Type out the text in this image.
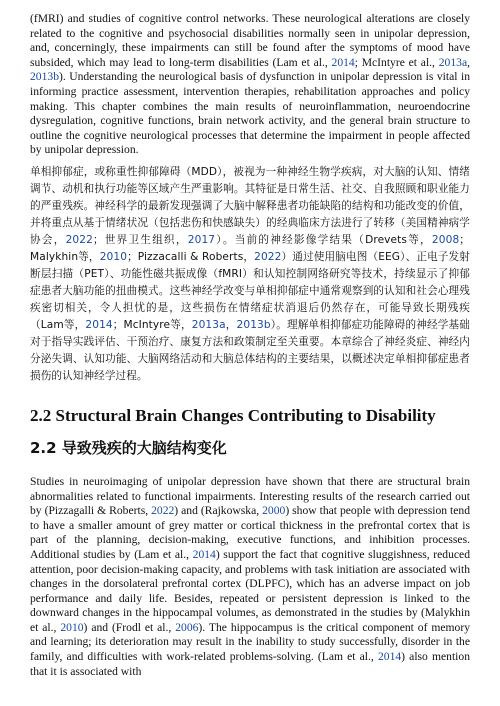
(fMRI) and studies of cognitive control networks. These neurological alterations are closely related to the cognitive and psychosocial disabilities normally seen in unipolar depression, and, concerningly, these impairments can still be found after the symptoms of mood have subsided, which may lead to long-term disabilities (Lam et al., 2014; McIntyre et al., 2013a, 2013b). Understanding the neurological basis of dysfunction in unipolar depression is vital in informing practice assessment, intervention therapies, rehabilitation approaches and policy making. This chapter combines the main results of neuroinflammation, neuroendocrine dysregulation, cognitive functions, brain network activity, and the general brain structure to outline the cognitive neurological processes that determine the impairment in people affected by unipolar depression.

单相抑郁症，或称重性抑郁障碍（MDD），被视为一种神经生物学疾病，对大脑的认知、情绪调节、动机和执行功能等区域产生严重影响。其特征是日常生活、社交、自我照顾和职业能力的严重残疾。神经科学的最新发现强调了大脑中解释患者功能缺陷的结构和功能改变的价值，并将重点从基于情绪状况（包括悲伤和快感缺失）的经典临床方法进行了转移（美国精神病学协会，2022；世界卫生组织，2017）。当前的神经影像学结果（Drevets等，2008；Malykhin等，2010；Pizzacalli & Roberts，2022）通过使用脑电图（EEG）、正电子发射断层扫描（PET）、功能性磁共振成像（fMRI）和认知控制网络研究等技术，持续显示了抑郁症患者大脑功能的扭曲模式。这些神经学改变与单相抑郁症中通常观察到的认知和社会心理残疾密切相关，令人担忧的是，这些损伤在情绪症状消退后仍然存在，可能导致长期残疾（Lam等，2014；McIntyre等，2013a，2013b）。理解单相抑郁症功能障碍的神经学基础对于指导实践评估、干预治疗、康复方法和政策制定至关重要。本章综合了神经炎症、神经内分泌失调、认知功能、大脑网络活动和大脑总体结构的主要结果，以概述决定单相抑郁症患者损伤的认知神经学过程。

2.2 Structural Brain Changes Contributing to Disability
2.2 导致残疾的大脑结构变化

Studies in neuroimaging of unipolar depression have shown that there are structural brain abnormalities related to functional impairments. Interesting results of the research carried out by (Pizzagalli & Roberts, 2022) and (Rajkowska, 2000) show that people with depression tend to have a smaller amount of grey matter or cortical thickness in the prefrontal cortex that is part of the planning, decision-making, executive functions, and inhibition processes. Additional studies by (Lam et al., 2014) support the fact that cognitive sluggishness, reduced attention, poor decision-making capacity, and problems with task initiation are associated with changes in the dorsolateral prefrontal cortex (DLPFC), which has an adverse impact on job performance and daily life. Besides, repeated or persistent depression is linked to the downward changes in the hippocampal volumes, as demonstrated in the studies by (Malykhin et al., 2010) and (Frodl et al., 2006). The hippocampus is the critical component of memory and learning; its deterioration may result in the inability to study successfully, disorder in the family, and difficulties with work-related problems-solving. (Lam et al., 2014) also mention that it is associated with
